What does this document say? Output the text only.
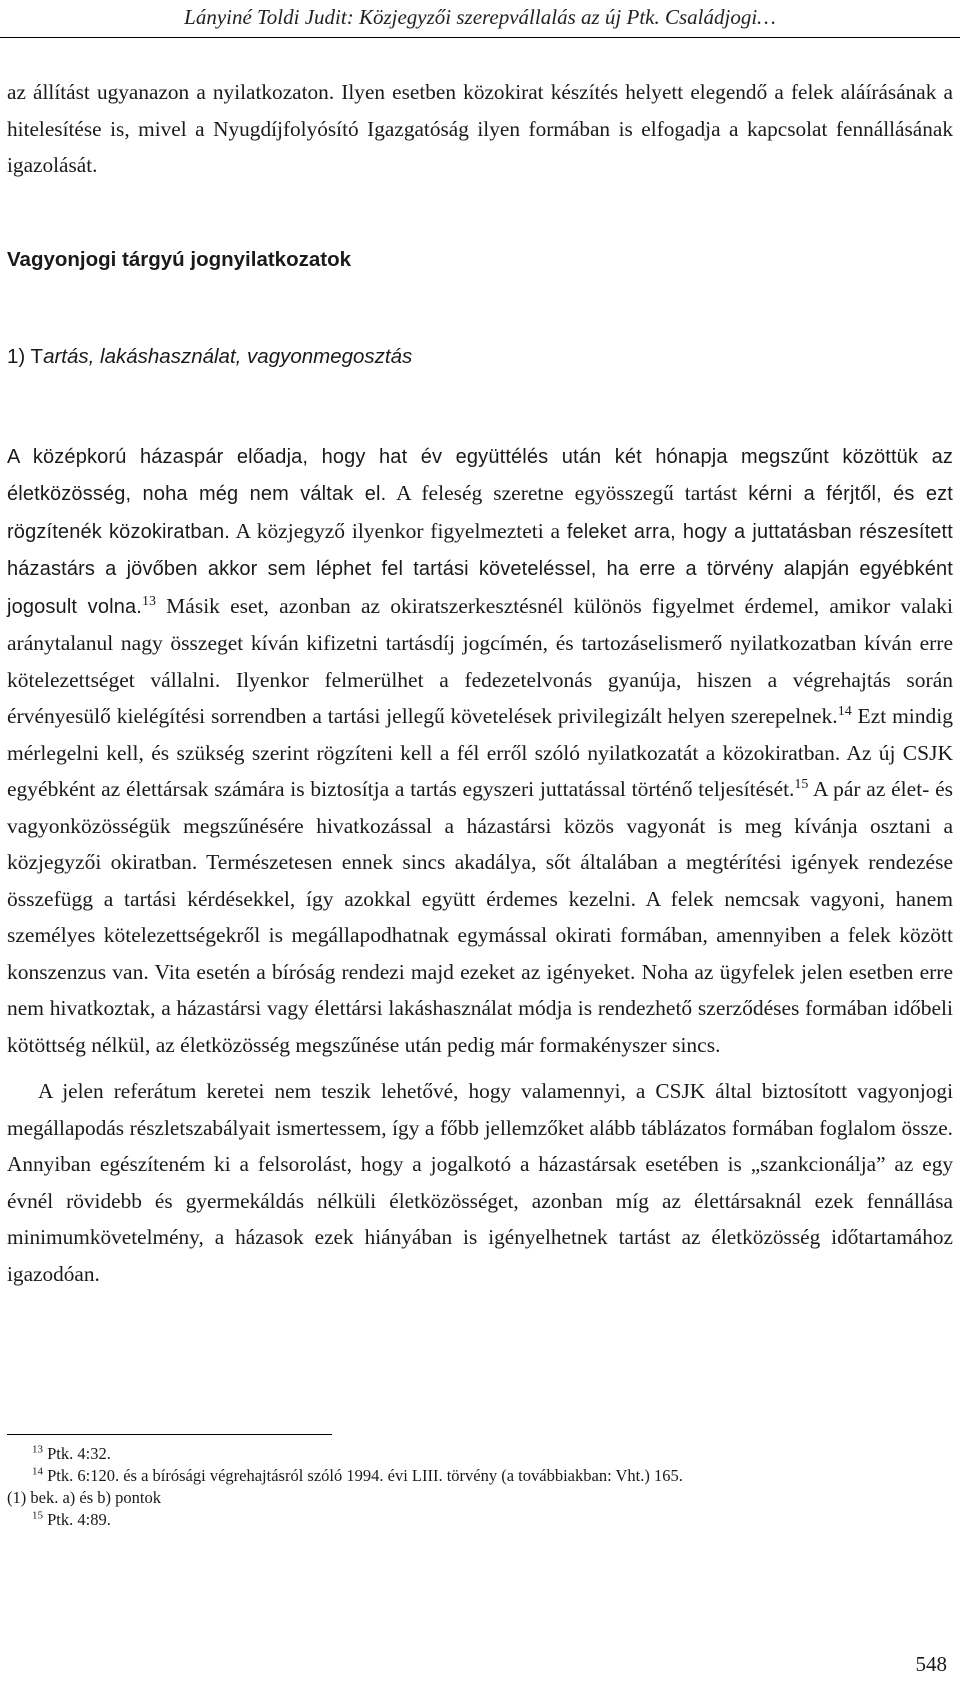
Lányiné Toldi Judit: Közjegyzői szerepvállalás az új Ptk. Családjogi…

az állítást ugyanazon a nyilatkozaton. Ilyen esetben közokirat készítés helyett elegendő a felek aláírásának a hitelesítése is, mivel a Nyugdíjfolyósító Igazgatóság ilyen formában is elfogadja a kapcsolat fennállásának igazolását.

Vagyonjogi tárgyú jognyilatkozatok

1) Tartás, lakáshasználat, vagyonmegosztás

A középkorú házaspár előadja, hogy hat év együttélés után két hónapja megszűnt közöttük az életközösség, noha még nem váltak el. A feleség szeretne egyösszegű tartást kérni a férjtől, és ezt rögzítenék közokiratban. A közjegyző ilyenkor figyelmezteti a feleket arra, hogy a juttatásban részesített házastárs a jövőben akkor sem léphet fel tartási követeléssel, ha erre a törvény alapján egyébként jogosult volna.$^{13}$ Másik eset, azonban az okiratszerkesztésnél különös figyelmet érdemel, amikor valaki aránytalanul nagy összeget kíván kifizetni tartásdíj jogcímén, és tartozáselismerő nyilatkozatban kíván erre kötelezettséget vállalni. Ilyenkor felmerülhet a fedezetelvonás gyanúja, hiszen a végrehajtás során érvényesülő kielégítési sorrendben a tartási jellegű követelések privilegizált helyen szerepelnek.$^{14}$ Ezt mindig mérlegelni kell, és szükség szerint rögzíteni kell a fél erről szóló nyilatkozatát a közokiratban. Az új CSJK egyébként az élettársak számára is biztosítja a tartás egyszeri juttatással történő teljesítését.$^{15}$ A pár az élet- és vagyonközösségük megszűnésére hivatkozással a házastársi közös vagyonát is meg kívánja osztani a közjegyzői okiratban. Természetesen ennek sincs akadálya, sőt általában a megtérítési igények rendezése összefügg a tartási kérdésekkel, így azokkal együtt érdemes kezelni. A felek nemcsak vagyoni, hanem személyes kötelezettségekről is megállapodhatnak egymással okirati formában, amennyiben a felek között konszenzus van. Vita esetén a bíróság rendezi majd ezeket az igényeket. Noha az ügyfelek jelen esetben erre nem hivatkoztak, a házastársi vagy élettársi lakáshasználat módja is rendezhető szerződéses formában időbeli kötöttség nélkül, az életközösség megszűnése után pedig már formakényszer sincs.

A jelen referátum keretei nem teszik lehetővé, hogy valamennyi, a CSJK által biztosított vagyonjogi megállapodás részletszabályait ismertessem, így a főbb jellemzőket alább táblázatos formában foglalom össze. Annyiban egészíteném ki a felsorolást, hogy a jogalkotó a házastársak esetében is „szankcionálja” az egy évnél rövidebb és gyermekáldás nélküli életközösséget, azonban míg az élettársaknál ezek fennállása minimumkövetelmény, a házasok ezek hiányában is igényelhetnek tartást az életközösség időtartamához igazodóan.

$^{13}$ Ptk. 4:32.

$^{14}$ Ptk. 6:120. és a bírósági végrehajtásról szóló 1994. évi LIII. törvény (a továbbiakban: Vht.) 165.

(1) bek. a) és b) pontok

$^{15}$ Ptk. 4:89.

548
